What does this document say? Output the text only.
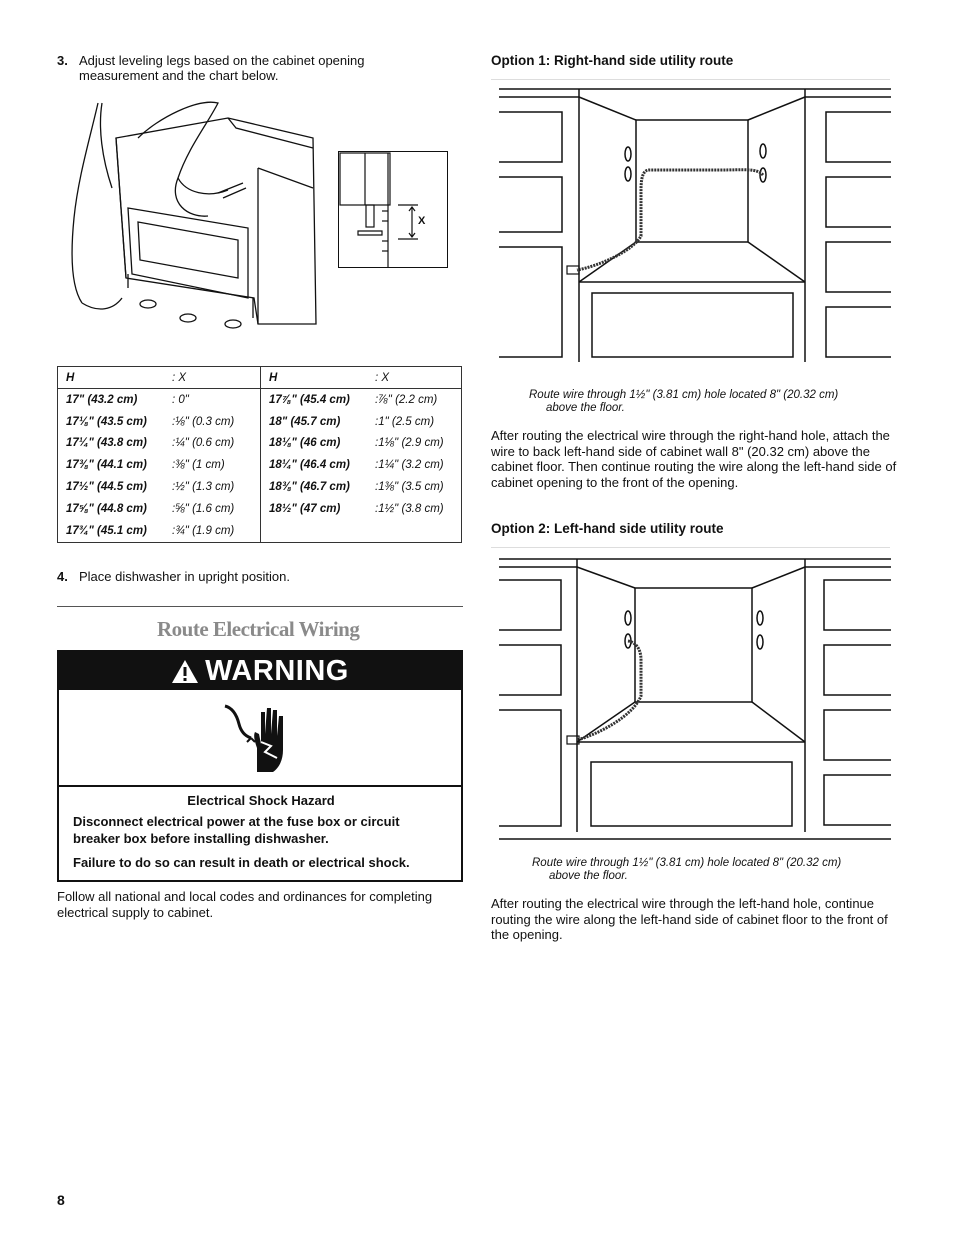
3. Adjust leveling legs based on the cabinet opening measurement and the chart below.
X
H	: X	H	: X
17" (43.2 cm)	: 0"	17⅞" (45.4 cm)	:⅞" (2.2 cm)
17⅛" (43.5 cm)	:⅛" (0.3 cm)	18" (45.7 cm)	:1" (2.5 cm)
17¼" (43.8 cm)	:¼" (0.6 cm)	18⅛" (46 cm)	:1⅛" (2.9 cm)
17⅜" (44.1 cm)	:⅜" (1 cm)	18¼" (46.4 cm)	:1¼" (3.2 cm)
17½" (44.5 cm)	:½" (1.3 cm)	18⅜" (46.7 cm)	:1⅜" (3.5 cm)
17⅝" (44.8 cm)	:⅝" (1.6 cm)	18½" (47 cm)	:1½" (3.8 cm)
17¾" (45.1 cm)	:¾" (1.9 cm)		
4. Place dishwasher in upright position.
Route Electrical Wiring
WARNING
Electrical Shock Hazard

Disconnect electrical power at the fuse box or circuit breaker box before installing dishwasher.

Failure to do so can result in death or electrical shock.

Follow all national and local codes and ordinances for completing electrical supply to cabinet.
Option 1: Right-hand side utility route
Route wire through 1½" (3.81 cm) hole located 8" (20.32 cm)
above the floor.
After routing the electrical wire through the right-hand hole, attach the wire to back left-hand side of cabinet wall 8" (20.32 cm) above the cabinet floor. Then continue routing the wire along the left-hand side of cabinet opening to the front of the opening.
Option 2: Left-hand side utility route
Route wire through 1½" (3.81 cm) hole located 8" (20.32 cm)
above the floor.
After routing the electrical wire through the left-hand hole, continue routing the wire along the left-hand side of cabinet floor to the front of the opening.
8
